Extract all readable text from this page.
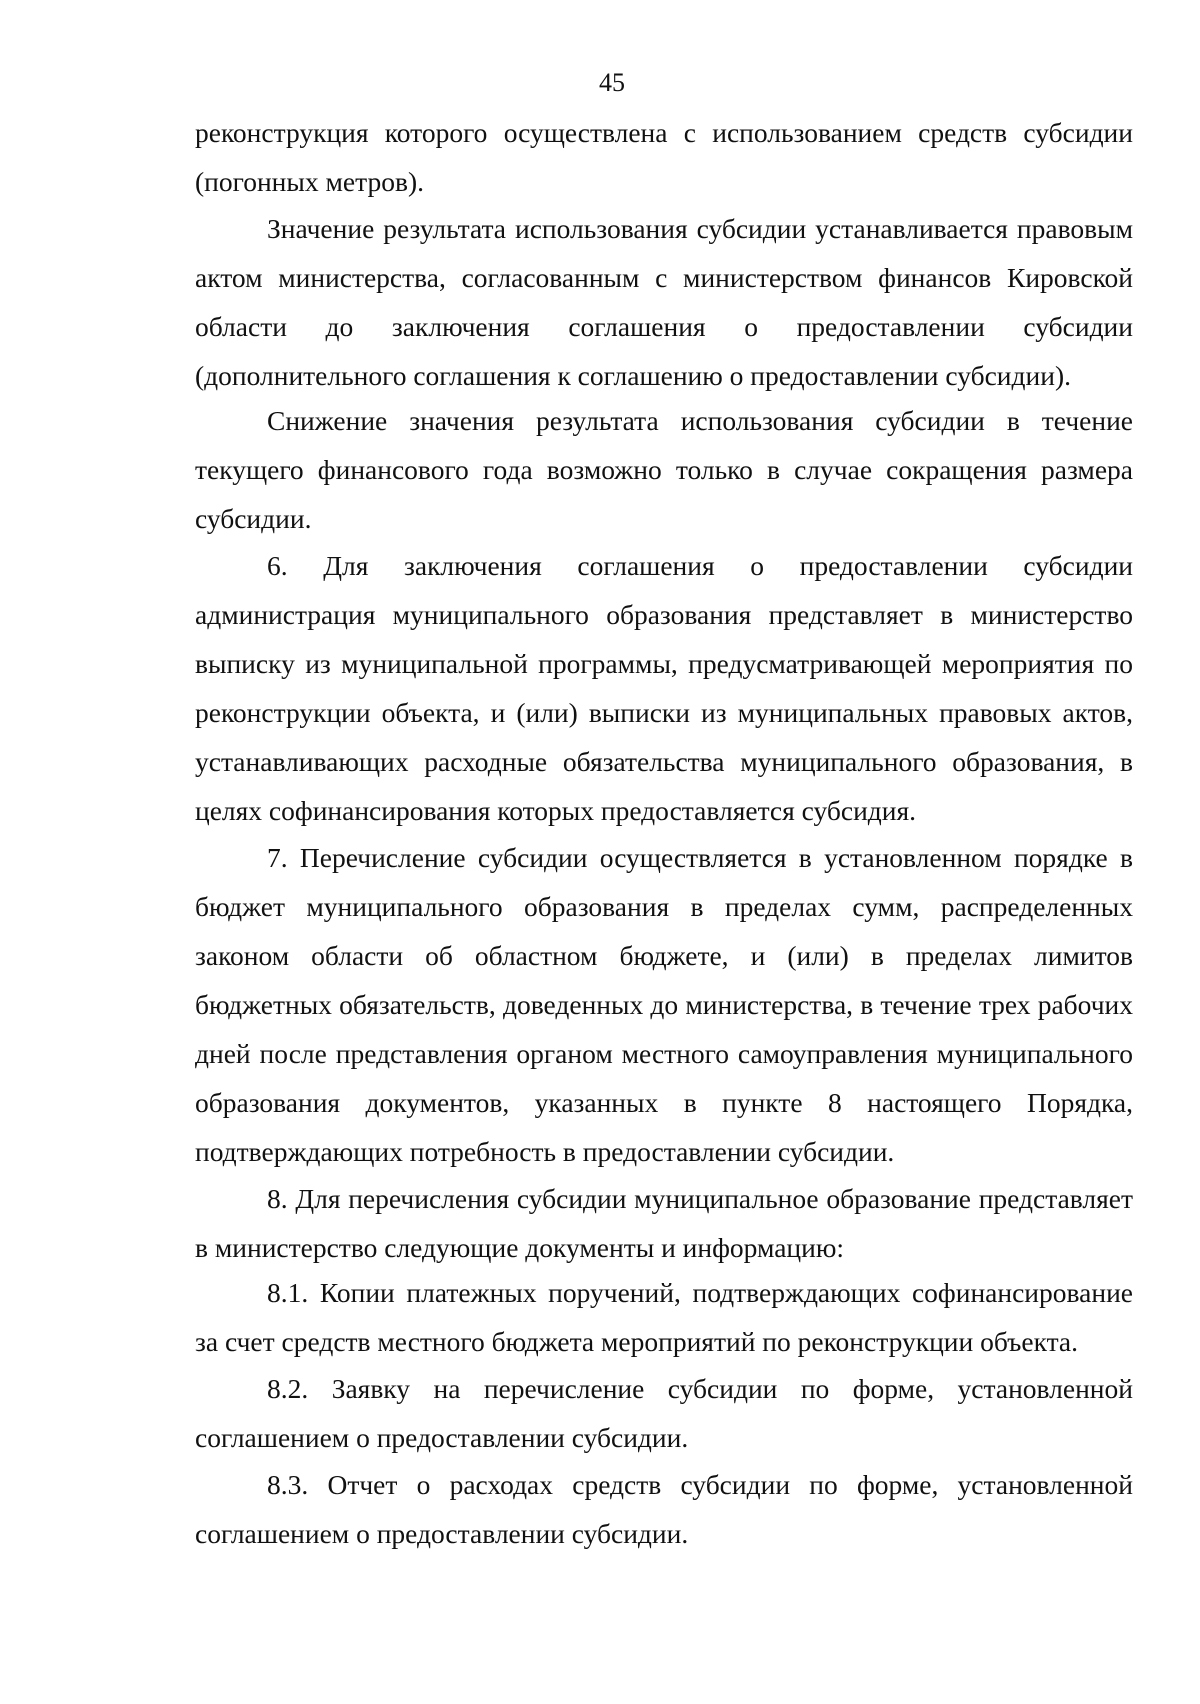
45

реконструкция которого осуществлена с использованием средств субсидии (погонных метров).

Значение результата использования субсидии устанавливается правовым актом министерства, согласованным с министерством финансов Кировской области до заключения соглашения о предоставлении субсидии (дополнительного соглашения к соглашению о предоставлении субсидии).

Снижение значения результата использования субсидии в течение текущего финансового года возможно только в случае сокращения размера субсидии.

6. Для заключения соглашения о предоставлении субсидии администрация муниципального образования представляет в министерство выписку из муниципальной программы, предусматривающей мероприятия по реконструкции объекта, и (или) выписки из муниципальных правовых актов, устанавливающих расходные обязательства муниципального образования, в целях софинансирования которых предоставляется субсидия.

7. Перечисление субсидии осуществляется в установленном порядке в бюджет муниципального образования в пределах сумм, распределенных законом области об областном бюджете, и (или) в пределах лимитов бюджетных обязательств, доведенных до министерства, в течение трех рабочих дней после представления органом местного самоуправления муниципального образования документов, указанных в пункте 8 настоящего Порядка, подтверждающих потребность в предоставлении субсидии.

8. Для перечисления субсидии муниципальное образование представляет в министерство следующие документы и информацию:

8.1. Копии платежных поручений, подтверждающих софинансирование за счет средств местного бюджета мероприятий по реконструкции объекта.

8.2. Заявку на перечисление субсидии по форме, установленной соглашением о предоставлении субсидии.

8.3. Отчет о расходах средств субсидии по форме, установленной соглашением о предоставлении субсидии.
